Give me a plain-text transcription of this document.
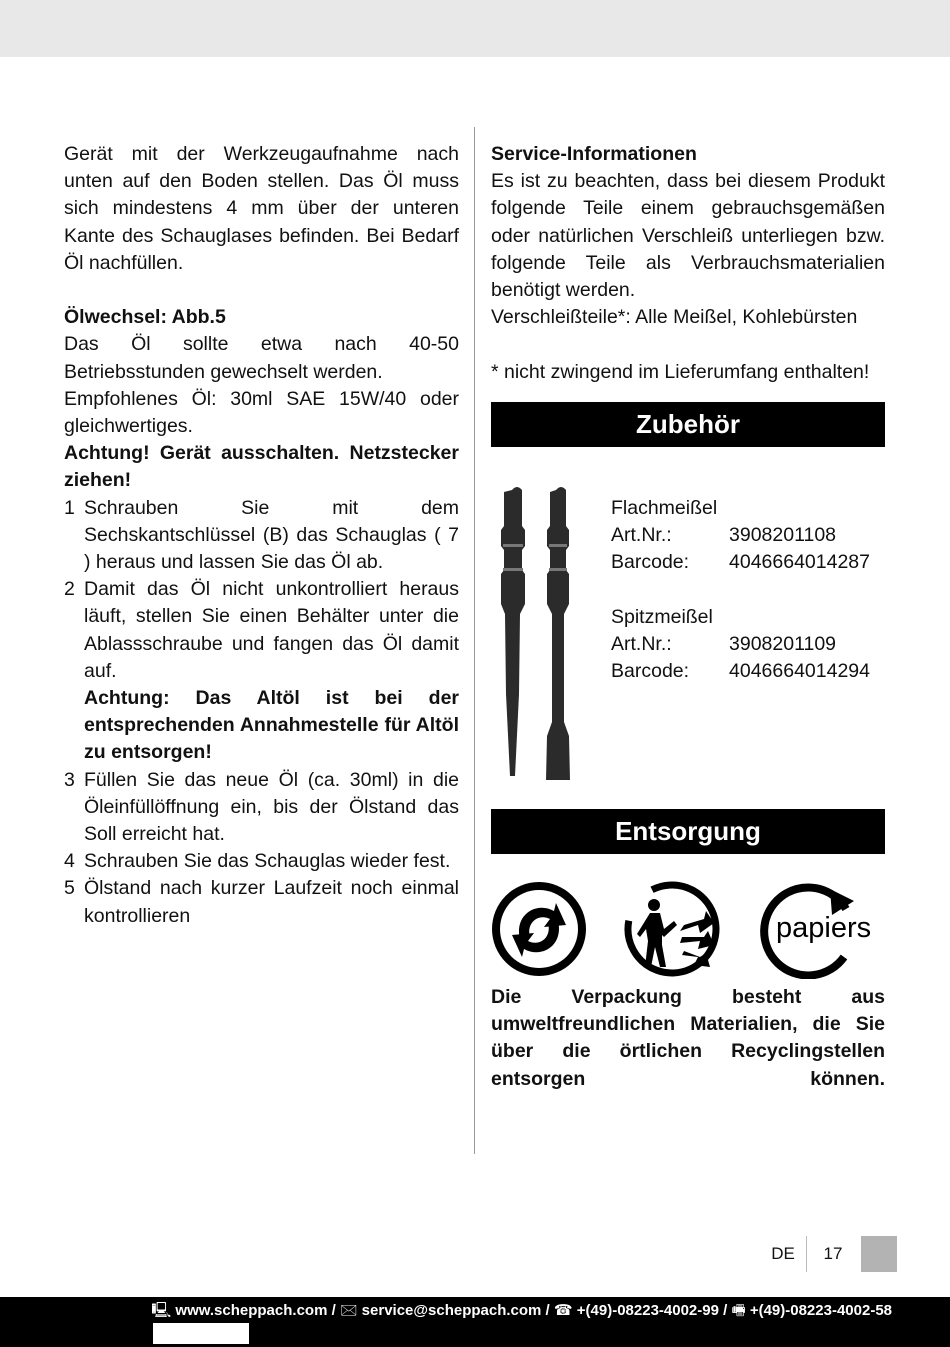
Gerät mit der Werkzeugaufnahme nach unten auf den Boden stellen. Das Öl muss sich mindestens 4 mm über der unteren Kante des Schauglases befinden. Bei Bedarf Öl nachfüllen.

Ölwechsel: Abb.5

Das Öl sollte etwa nach 40-50 Betriebsstunden gewechselt werden.

Empfohlenes Öl: 30ml SAE 15W/40 oder gleichwertiges.

Achtung! Gerät ausschalten. Netzstecker ziehen!

1 Schrauben Sie mit dem Sechskantschlüssel (B) das Schauglas ( 7 ) heraus und lassen Sie das Öl ab.
2 Damit das Öl nicht unkontrolliert heraus läuft, stellen Sie einen Behälter unter die Ablassschraube und fangen das Öl damit auf.
Achtung: Das Altöl ist bei der entsprechenden Annahmestelle für Altöl zu entsorgen!
3 Füllen Sie das neue Öl (ca. 30ml) in die Öleinfüllöffnung ein, bis der Ölstand das Soll erreicht hat.
4 Schrauben Sie das Schauglas wieder fest.
5 Ölstand nach kurzer Laufzeit noch einmal kontrollieren

Service-Informationen

Es ist zu beachten, dass bei diesem Produkt folgende Teile einem gebrauchsgemäßen oder natürlichen Verschleiß unterliegen bzw. folgende Teile als Verbrauchsmaterialien benötigt werden.

Verschleißteile*: Alle Meißel, Kohlebürsten

* nicht zwingend im Lieferumfang enthalten!

Zubehör

Flachmeißel

Art.Nr.:	3908201108
Barcode:	4046664014287

Spitzmeißel

Art.Nr.:	3908201109
Barcode:	4046664014294
Entsorgung
papiers

Die Verpackung besteht aus umweltfreundlichen Materialien, die Sie über die örtlichen Recyclingstellen entsorgen können.

DE	17
🖳 www.scheppach.com / 🖂 service@scheppach.com / ☎ +(49)-08223-4002-99 / 🖷 +(49)-08223-4002-58
